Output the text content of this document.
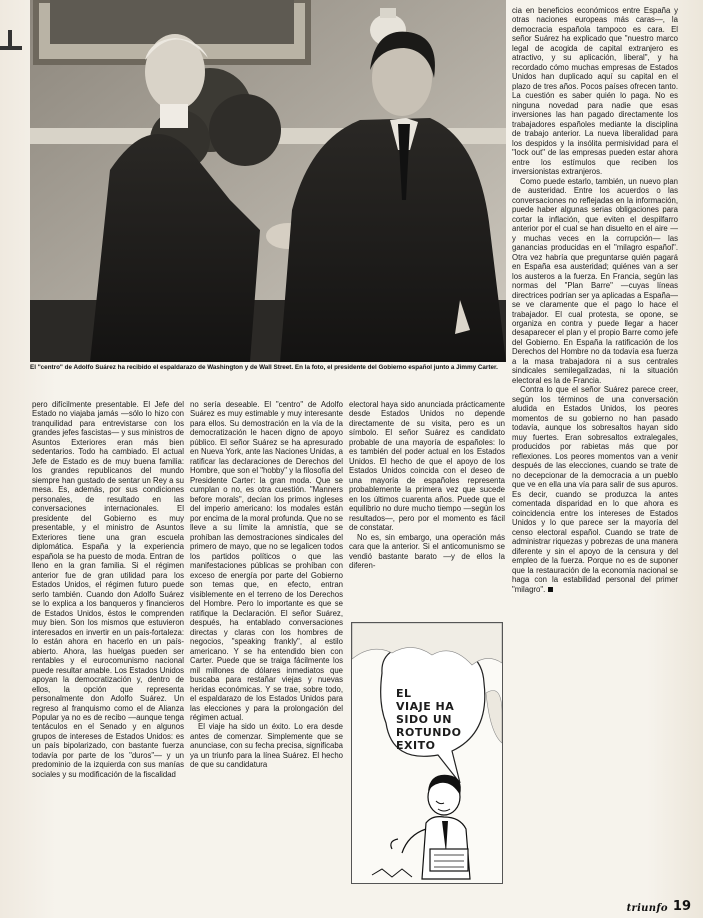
El "centro" de Adolfo Suárez ha recibido el espaldarazo de Washington y de Wall Street. En la foto, el presidente del Gobierno español junto a Jimmy Carter.

pero difícilmente presentable. El Jefe del Estado no viajaba jamás —sólo lo hizo con tranquilidad para entrevistarse con los grandes jefes fascistas— y sus ministros de Asuntos Exteriores eran más bien sedentarios. Todo ha cambiado. El actual Jefe de Estado es de muy buena familia: los grandes republicanos del mundo siempre han gustado de sentar un Rey a su mesa. Es, además, por sus condiciones personales, de resultado en las conversaciones internacionales. El presidente del Gobierno es muy presentable, y el ministro de Asuntos Exteriores tiene una gran escuela diplomática. España y la experiencia española se ha puesto de moda. Entran de lleno en la gran familia. Si el régimen anterior fue de gran utilidad para los Estados Unidos, el régimen futuro puede serlo también. Cuando don Adolfo Suárez se lo explica a los banqueros y financieros de Estados Unidos, éstos le comprenden muy bien. Son los mismos que estuvieron interesados en invertir en un país-fortaleza: lo están ahora en hacerlo en un país-abierto. Ahora, las huelgas pueden ser rentables y el eurocomunismo nacional puede resultar amable. Los Estados Unidos apoyan la democratización y, dentro de ellos, la opción que representa personalmente don Adolfo Suárez. Un regreso al franquismo como el de Alianza Popular ya no es de recibo —aunque tenga tentáculos en el Senado y en algunos grupos de intereses de Estados Unidos: es un país bipolarizado, con bastante fuerza todavía por parte de los "duros"— y un predominio de la izquierda con sus manías sociales y su modificación de la fiscalidad

no sería deseable. El "centro" de Adolfo Suárez es muy estimable y muy interesante para ellos. Su demostración en la vía de la democratización le hacen digno de apoyo público. El señor Suárez se ha apresurado en Nueva York, ante las Naciones Unidas, a ratificar las declaraciones de Derechos del Hombre, que son el "hobby" y la filosofía del Presidente Carter: la gran moda. Que se cumplan o no, es otra cuestión. "Manners before morals", decían los primos ingleses del imperio americano: los modales están por encima de la moral profunda. Que no se lleve a su límite la amnistía, que se prohíban las demostraciones sindicales del primero de mayo, que no se legalicen todos los partidos políticos o que las manifestaciones públicas se prohíban con exceso de energía por parte del Gobierno son temas que, en efecto, entran visiblemente en el terreno de los Derechos del Hombre. Pero lo importante es que se ratifique la Declaración. El señor Suárez, después, ha entablado conversaciones directas y claras con los hombres de negocios, "speaking frankly", al estilo americano. Y se ha entendido bien con Carter. Puede que se traiga fácilmente los mil millones de dólares inmediatos que buscaba para restañar viejas y nuevas heridas económicas. Y se trae, sobre todo, el espaldarazo de los Estados Unidos para las elecciones y para la prolongación del régimen actual.

El viaje ha sido un éxito. Lo era desde antes de comenzar. Simplemente que se anunciase, con su fecha precisa, significaba ya un triunfo para la línea Suárez. El hecho de que su candidatura

electoral haya sido anunciada prácticamente desde Estados Unidos no depende directamente de su visita, pero es un símbolo. El señor Suárez es candidato probable de una mayoría de españoles: lo es también del poder actual en los Estados Unidos. El hecho de que el apoyo de los Estados Unidos coincida con el deseo de una mayoría de españoles representa probablemente la primera vez que sucede en los últimos cuarenta años. Puede que el equilibrio no dure mucho tiempo —según los resultados—, pero por el momento es fácil de constatar.

No es, sin embargo, una operación más cara que la anterior. Si el anticomunismo se vendió bastante barato —y de ellos la diferen-

cia en beneficios económicos entre España y otras naciones europeas más caras—, la democracia española tampoco es cara. El señor Suárez ha explicado que "nuestro marco legal de acogida de capital extranjero es atractivo, y su aplicación, liberal", y ha recordado cómo muchas empresas de Estados Unidos han duplicado aquí su capital en el plazo de tres años. Pocos países ofrecen tanto. La cuestión es saber quién lo paga. No es ninguna novedad para nadie que esas inversiones las han pagado directamente los trabajadores españoles mediante la disciplina de trabajo anterior. La nueva liberalidad para los despidos y la insólita permisividad para el "lock out" de las empresas pueden estar ahora entre los estímulos que reciben los inversionistas extranjeros.

Como puede estarlo, también, un nuevo plan de austeridad. Entre los acuerdos o las conversaciones no reflejadas en la información, puede haber algunas serias obligaciones para cortar la inflación, que eviten el despilfarro anterior por el cual se han disuelto en el aire —y muchas veces en la corrupción— las ganancias producidas en el "milagro español". Otra vez habría que preguntarse quién pagará en España esa austeridad; quiénes van a ser los austeros a la fuerza. En Francia, según las normas del "Plan Barre" —cuyas líneas directrices podrían ser ya aplicadas a España— se ve claramente que el pago lo hace el trabajador. El cual protesta, se opone, se organiza en contra y puede llegar a hacer desaparecer el plan y el propio Barre como jefe del Gobierno. En España la ratificación de los Derechos del Hombre no da todavía esa fuerza a la masa trabajadora ni a sus centrales sindicales semilegalizadas, ni la situación electoral es la de Francia.

Contra lo que el señor Suárez parece creer, según los términos de una conversación aludida en Estados Unidos, los peores momentos de su gobierno no han pasado todavía, aunque los sobresaltos hayan sido muy fuertes. Eran sobresaltos extralegales, producidos por rabietas más que por reflexiones. Los peores momentos van a venir después de las elecciones, cuando se trate de no decepcionar de la democracia a un pueblo que ve en ella una vía para salir de sus apuros. Es decir, cuando se produzca la antes comentada disparidad en lo que ahora es coincidencia entre los intereses de Estados Unidos y lo que parece ser la mayoría del censo electoral español. Cuando se trate de administrar riquezas y pobrezas de una manera diferente y sin el apoyo de la censura y del empleo de la fuerza. Porque no es de suponer que la restauración de la economía nacional se haga con la estabilidad personal del primer "milagro".

EL
VIAJE HA
SIDO UN
ROTUNDO
EXITO
triunfo 19
